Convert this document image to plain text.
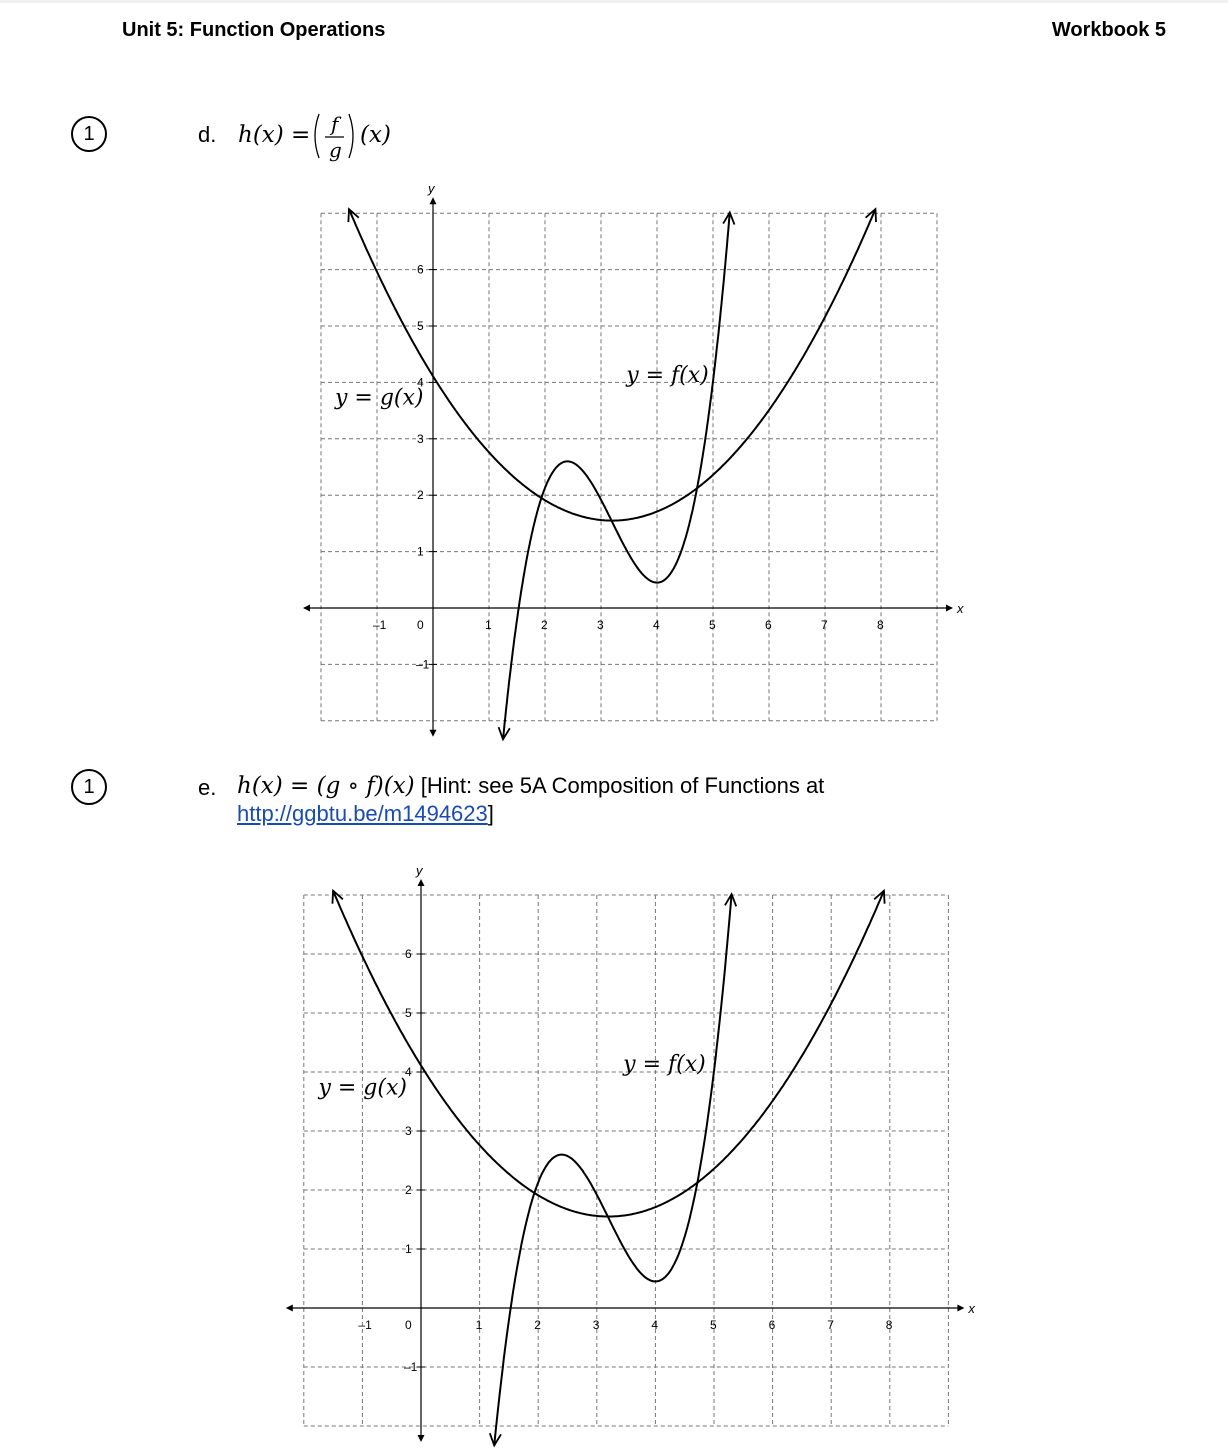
Unit 5: Function Operations	Workbook 5
1	d. h(x) = f
g
(x)
x
y
–1	0	1	2	3	4	5	6	7	8
6
5
4
3
2
1
–1
y = g(x)
y = f(x)
x
y
–1	0	1	2	3	4	5	6	7	8
6
5
4
3
2
1
–1
y = g(x)
y = f(x)
1	e. h(x) = (g ∘ f)(x) [Hint: see 5A Composition of Functions at
http://ggbtu.be/m1494623]
